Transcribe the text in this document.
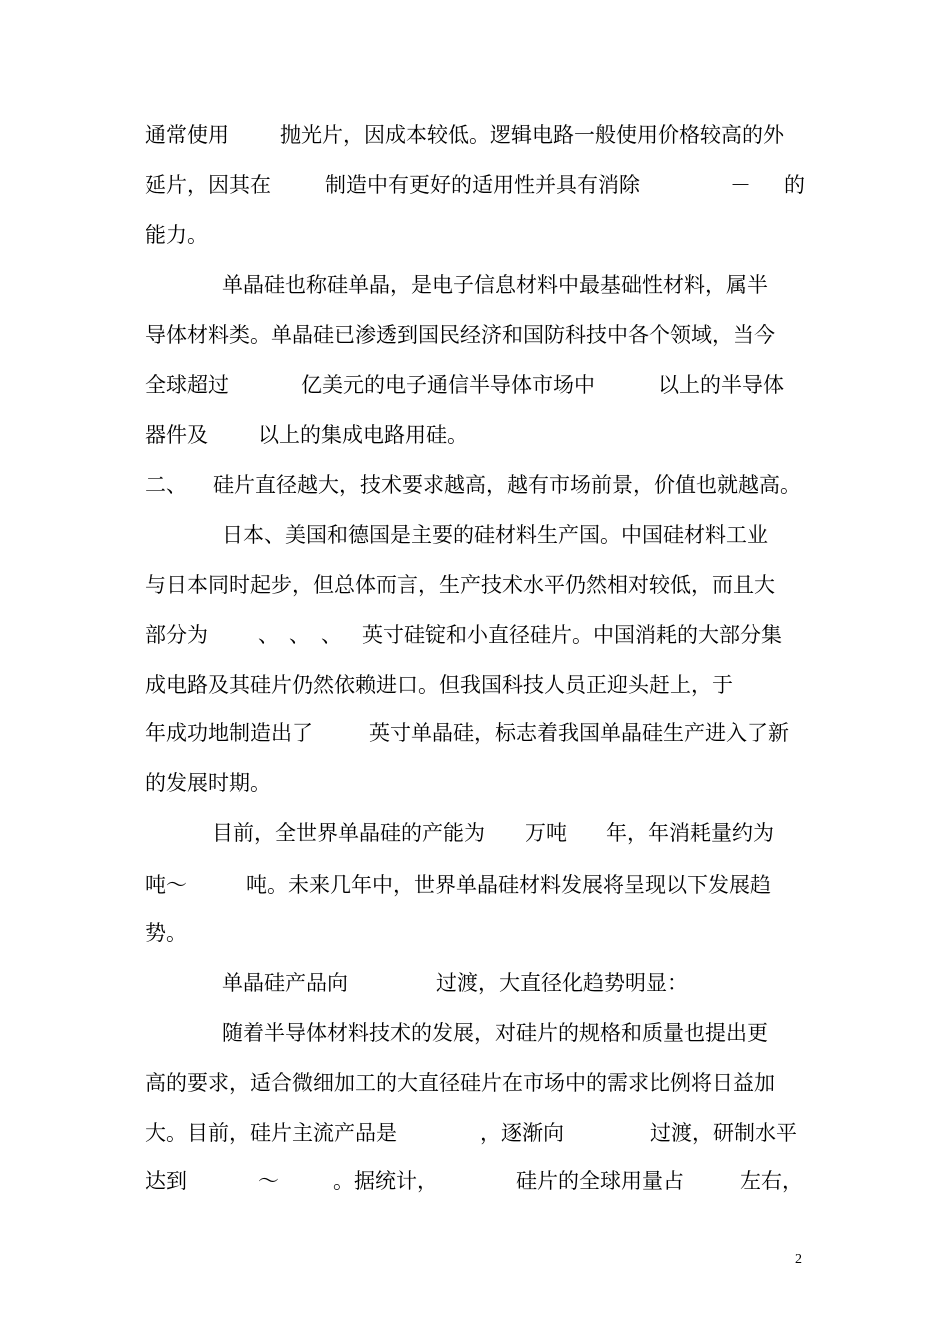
通常使用 抛光片，因成本较低。逻辑电路一般使用价格较高的外
延片，因其在	制造中有更好的适用性并具有消除	－ 的
能力。
单晶硅也称硅单晶，是电子信息材料中最基础性材料，属半
导体材料类。单晶硅已渗透到国民经济和国防科技中各个领域，当今
全球超过	亿美元的电子通信半导体市场中	以上的半导体
器件及 以上的集成电路用硅。
二、 硅片直径越大，技术要求越高，越有市场前景，价值也就越高。
日本、美国和德国是主要的硅材料生产国。中国硅材料工业
与日本同时起步，但总体而言，生产技术水平仍然相对较低，而且大
部分为 、 、 、 英寸硅锭和小直径硅片。中国消耗的大部分集
成电路及其硅片仍然依赖进口。但我国科技人员正迎头赶上，于
年成功地制造出了	英寸单晶硅，标志着我国单晶硅生产进入了新
的发展时期。
目前，全世界单晶硅的产能为 万吨 年，年消耗量约为
吨～	吨。未来几年中，世界单晶硅材料发展将呈现以下发展趋
势。
单晶硅产品向	过渡，大直径化趋势明显：
随着半导体材料技术的发展，对硅片的规格和质量也提出更
高的要求，适合微细加工的大直径硅片在市场中的需求比例将日益加
大。目前，硅片主流产品是	，逐渐向	过渡，研制水平
达到	～	。据统计，	硅片的全球用量占	左右，
2
